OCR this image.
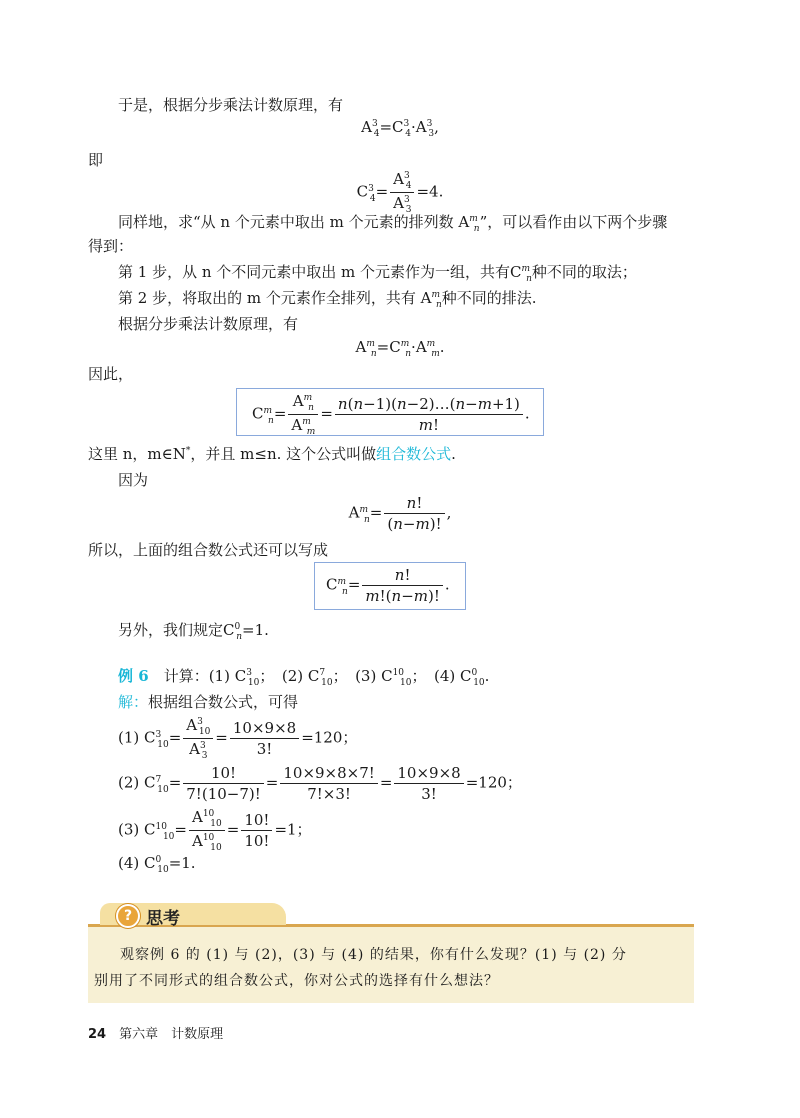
于是，根据分步乘法计数原理，有
$A^3_4=C^3_4\cdot A^3_3$,
即
$C^3_4= \frac{A^3_4}{A^3_3} =4$.
同样地，求“从 n 个元素中取出 m 个元素的排列数 $A^m_n$”，可以看作由以下两个步骤
得到：
第 1 步，从 n 个不同元素中取出 m 个元素作为一组，共有$C^m_n$种不同的取法；
第 2 步，将取出的 m 个元素作全排列，共有 $A^m_n$种不同的排法.
根据分步乘法计数原理，有
$A^m_n=C^m_n\cdot A^m_m$.
因此，
$C^m_n= \frac{A^m_n}{A^m_m} = \frac{n(n-1)(n-2)\dots(n-m+1)}{m!}$ .
这里 n，m∈N*，并且 m≤n. 这个公式叫做组合数公式.
因为
$A^m_n= \frac{n!}{(n-m)!}$ ,
所以，上面的组合数公式还可以写成
$C^m_n= \frac{n!}{m!(n-m)!}$ .
另外，我们规定$C^0_n=1$.
例 6　 计算：(1) $C^3_{10}$；　(2) $C^7_{10}$；　(3) $C^{10}_{10}$；　(4) $C^0_{10}$.
解：根据组合数公式，可得
(1) $C^3_{10}= \frac{A^3_{10}}{A^3_3} = \frac{10\times 9\times 8}{3!} =120$；
(2) $C^7_{10}= \frac{10!}{7!(10-7)!} = \frac{10\times 9\times 8\times 7!}{7!\times 3!} = \frac{10\times 9\times 8}{3!} =120$；
(3) $C^{10}_{10}= \frac{A^{10}_{10}}{A^{10}_{10}} = \frac{10!}{10!} =1$；
(4) $C^0_{10}=1$.
? 思考
观察例 6 的 (1) 与 (2)，(3) 与 (4) 的结果，你有什么发现？(1) 与 (2) 分
别用了不同形式的组合数公式，你对公式的选择有什么想法？
24　 第六章　计数原理
